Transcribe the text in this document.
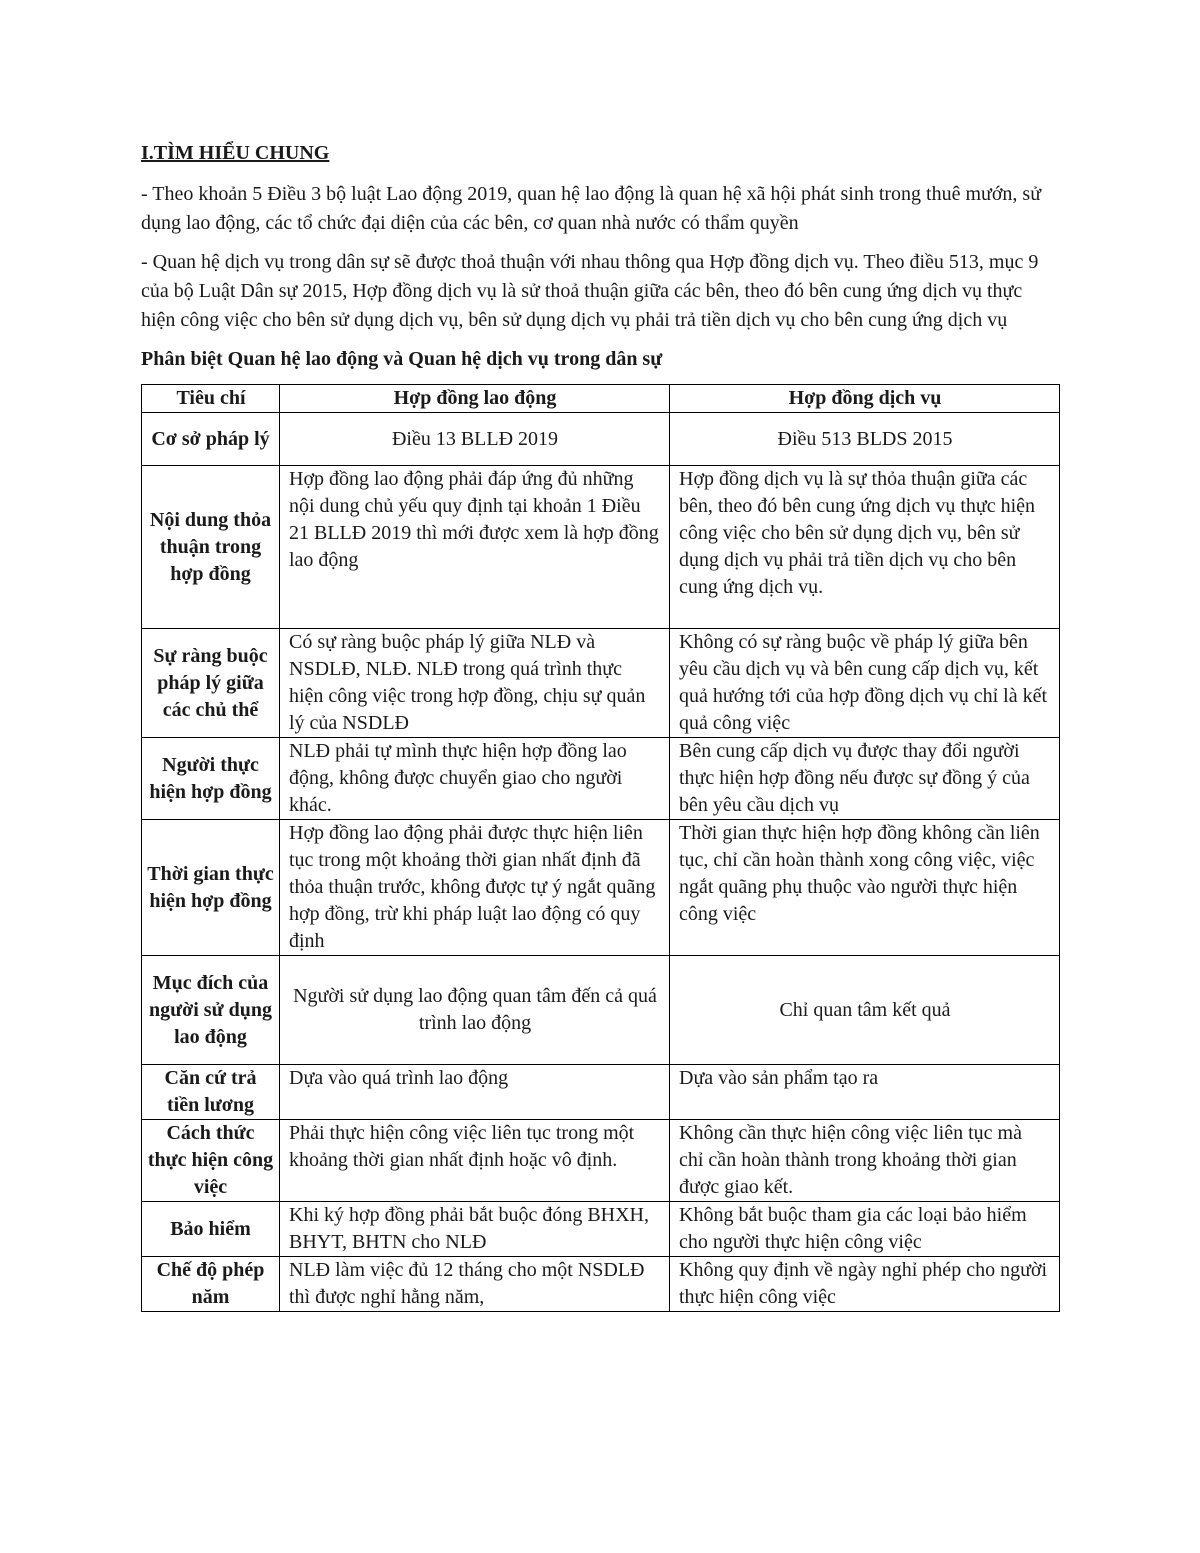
I.TÌM HIỂU CHUNG

- Theo khoản 5 Điều 3 bộ luật Lao động 2019, quan hệ lao động là quan hệ xã hội phát sinh trong thuê mướn, sử dụng lao động, các tổ chức đại diện của các bên, cơ quan nhà nước có thẩm quyền

- Quan hệ dịch vụ trong dân sự sẽ được thoả thuận với nhau thông qua Hợp đồng dịch vụ. Theo điều 513, mục 9 của bộ Luật Dân sự 2015, Hợp đồng dịch vụ là sử thoả thuận giữa các bên, theo đó bên cung ứng dịch vụ thực hiện công việc cho bên sử dụng dịch vụ, bên sử dụng dịch vụ phải trả tiền dịch vụ cho bên cung ứng dịch vụ

Phân biệt Quan hệ lao động và Quan hệ dịch vụ trong dân sự
Tiêu chí	Hợp đồng lao động	Hợp đồng dịch vụ
Cơ sở pháp lý	Điều 13 BLLĐ 2019	Điều 513 BLDS 2015
Nội dung thỏa thuận trong hợp đồng	Hợp đồng lao động phải đáp ứng đủ những nội dung chủ yếu quy định tại khoản 1 Điều 21 BLLĐ 2019 thì mới được xem là hợp đồng lao động	Hợp đồng dịch vụ là sự thỏa thuận giữa các bên, theo đó bên cung ứng dịch vụ thực hiện công việc cho bên sử dụng dịch vụ, bên sử dụng dịch vụ phải trả tiền dịch vụ cho bên cung ứng dịch vụ.
Sự ràng buộc pháp lý giữa các chủ thể	Có sự ràng buộc pháp lý giữa NLĐ và NSDLĐ, NLĐ. NLĐ trong quá trình thực hiện công việc trong hợp đồng, chịu sự quản lý của NSDLĐ	Không có sự ràng buộc về pháp lý giữa bên yêu cầu dịch vụ và bên cung cấp dịch vụ, kết quả hướng tới của hợp đồng dịch vụ chỉ là kết quả công việc
Người thực hiện hợp đồng	NLĐ phải tự mình thực hiện hợp đồng lao động, không được chuyển giao cho người khác.	Bên cung cấp dịch vụ được thay đổi người thực hiện hợp đồng nếu được sự đồng ý của bên yêu cầu dịch vụ
Thời gian thực hiện hợp đồng	Hợp đồng lao động phải được thực hiện liên tục trong một khoảng thời gian nhất định đã thỏa thuận trước, không được tự ý ngắt quãng hợp đồng, trừ khi pháp luật lao động có quy định	Thời gian thực hiện hợp đồng không cần liên tục, chỉ cần hoàn thành xong công việc, việc ngắt quãng phụ thuộc vào người thực hiện công việc
Mục đích của người sử dụng lao động	Người sử dụng lao động quan tâm đến cả quá trình lao động	Chỉ quan tâm kết quả
Căn cứ trả tiền lương	Dựa vào quá trình lao động	Dựa vào sản phẩm tạo ra
Cách thức thực hiện công việc	Phải thực hiện công việc liên tục trong một khoảng thời gian nhất định hoặc vô định.	Không cần thực hiện công việc liên tục mà chỉ cần hoàn thành trong khoảng thời gian được giao kết.
Bảo hiểm	Khi ký hợp đồng phải bắt buộc đóng BHXH, BHYT, BHTN cho NLĐ	Không bắt buộc tham gia các loại bảo hiểm cho người thực hiện công việc
Chế độ phép năm	NLĐ làm việc đủ 12 tháng cho một NSDLĐ thì được nghỉ hằng năm,	Không quy định về ngày nghỉ phép cho người thực hiện công việc
